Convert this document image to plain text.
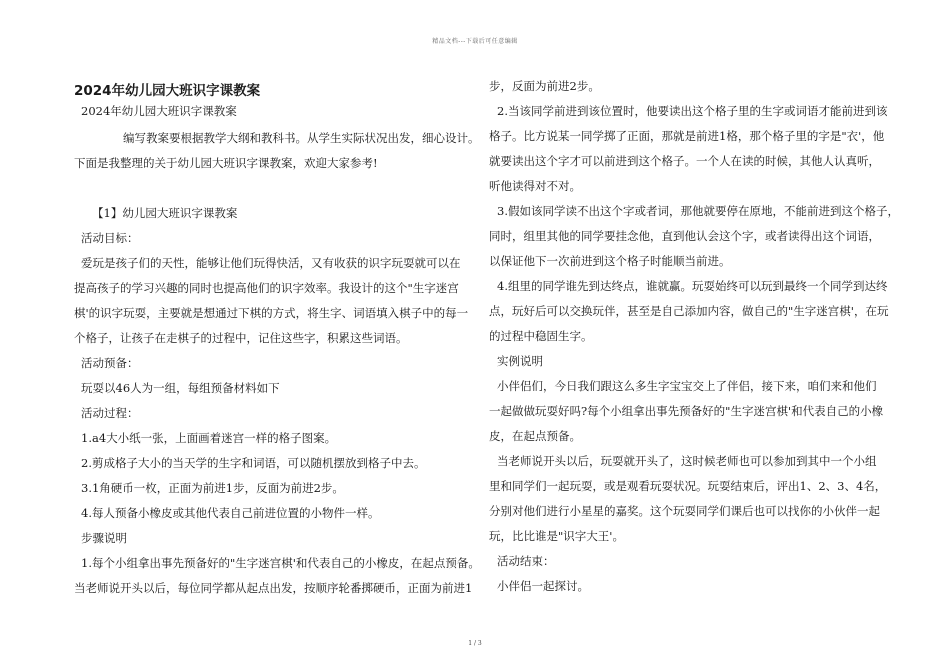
精品文档---下载后可任意编辑
2024年幼儿园大班识字课教案
2024年幼儿园大班识字课教案
编写教案要根据教学大纲和教科书。从学生实际状况出发，细心设计。
下面是我整理的关于幼儿园大班识字课教案，欢迎大家参考!
【1】幼儿园大班识字课教案
活动目标：
爱玩是孩子们的天性，能够让他们玩得快活，又有收获的识字玩耍就可以在
提高孩子的学习兴趣的同时也提高他们的识字效率。我设计的这个"生字迷宫
棋'的识字玩耍，主要就是想通过下棋的方式，将生字、词语填入棋子中的每一
个格子，让孩子在走棋子的过程中，记住这些字，积累这些词语。
活动预备：
玩耍以46人为一组，每组预备材料如下
活动过程：
1.a4大小纸一张，上面画着迷宫一样的格子图案。
2.剪成格子大小的当天学的生字和词语，可以随机摆放到格子中去。
3.1角硬币一枚，正面为前进1步，反面为前进2步。
4.每人预备小橡皮或其他代表自己前进位置的小物件一样。
步骤说明
1.每个小组拿出事先预备好的"生字迷宫棋'和代表自己的小橡皮，在起点预备。
当老师说开头以后，每位同学都从起点出发，按顺序轮番掷硬币，正面为前进1
步，反面为前进2步。
2.当该同学前进到该位置时，他要读出这个格子里的生字或词语才能前进到该
格子。比方说某一同学掷了正面，那就是前进1格，那个格子里的字是"衣'，他
就要读出这个字才可以前进到这个格子。一个人在读的时候，其他人认真听，
听他读得对不对。
3.假如该同学读不出这个字或者词，那他就要停在原地，不能前进到这个格子，
同时，组里其他的同学要挂念他，直到他认会这个字，或者读得出这个词语，
以保证他下一次前进到这个格子时能顺当前进。
4.组里的同学谁先到达终点，谁就赢。玩耍始终可以玩到最终一个同学到达终
点，玩好后可以交换玩伴，甚至是自己添加内容，做自己的"生字迷宫棋'，在玩
的过程中稳固生字。
实例说明
小伴侣们，今日我们跟这么多生字宝宝交上了伴侣，接下来，咱们来和他们
一起做做玩耍好吗?每个小组拿出事先预备好的"生字迷宫棋'和代表自己的小橡
皮，在起点预备。
当老师说开头以后，玩耍就开头了，这时候老师也可以参加到其中一个小组
里和同学们一起玩耍，或是观看玩耍状况。玩耍结束后，评出1、2、3、4名，
分别对他们进行小星星的嘉奖。这个玩耍同学们课后也可以找你的小伙伴一起
玩，比比谁是"识字大王'。
活动结束：
小伴侣一起探讨。
1 / 3
